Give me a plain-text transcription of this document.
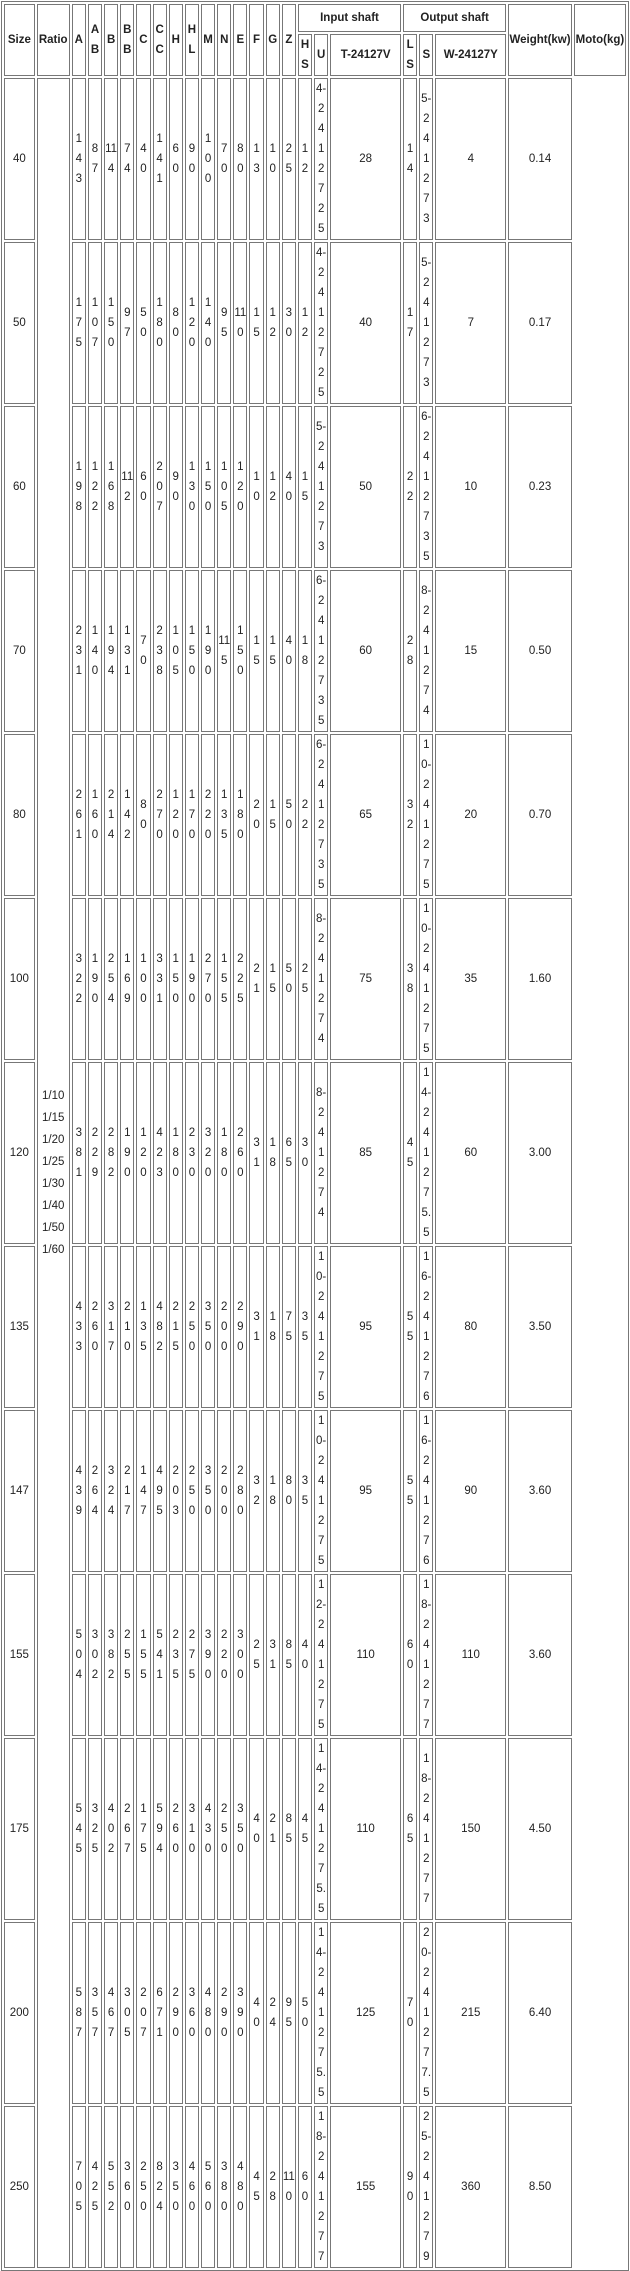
Size	Ratio	A	AB	B	BB	C	CC	H	HL	M	N	E	F	G	Z	Input shaft			Output shaft			Weight(kw)	Moto(kg)
																HS	U	T-24127V	LS	S	W-24127Y		
40	1/10 1/15 1/20 1/25 1/30 1/40 1/50 1/60	143	87	114	74	40	141	60	90	100	70	80	13	10	25	12	4-2412725	28	14	5-241273	4	0.14	
50		175	107	150	97	50	180	80	120	140	95	110	15	12	30	12	4-2412725	40	17	5-241273	7	0.17	
60		198	122	168	112	60	207	90	130	150	105	120	10	12	40	15	5-241273	50	22	6-2412735	10	0.23	
70		231	140	194	131	70	238	105	150	190	115	150	15	15	40	18	6-2412735	60	28	8-241274	15	0.50	
80		261	160	214	142	80	270	120	170	220	135	180	20	15	50	22	6-2412735	65	32	10-241275	20	0.70	
100		322	190	254	169	100	331	150	190	270	155	225	21	15	50	25	8-241274	75	38	10-241275	35	1.60	
120		381	229	282	190	120	423	180	230	320	180	260	31	18	65	30	8-241274	85	45	14-241275.5	60	3.00	
135		433	260	317	210	135	482	215	250	350	200	290	31	18	75	35	10-241275	95	55	16-241276	80	3.50	
147		439	264	324	217	147	495	203	250	350	200	280	32	18	80	35	10-241275	95	55	16-241276	90	3.60	
155		504	302	382	255	155	541	235	275	390	220	300	25	31	85	40	12-241275	110	60	18-241277	110	3.60	
175		545	325	402	267	175	594	260	310	430	250	350	40	21	85	45	14-241275.5	110	65	18-241277	150	4.50	
200		587	357	467	305	207	671	290	360	480	290	390	40	24	95	50	14-241275.5	125	70	20-241277.5	215	6.40	
250		705	425	552	360	250	824	350	460	560	380	480	45	28	110	60	18-241277	155	90	25-241279	360	8.50	
